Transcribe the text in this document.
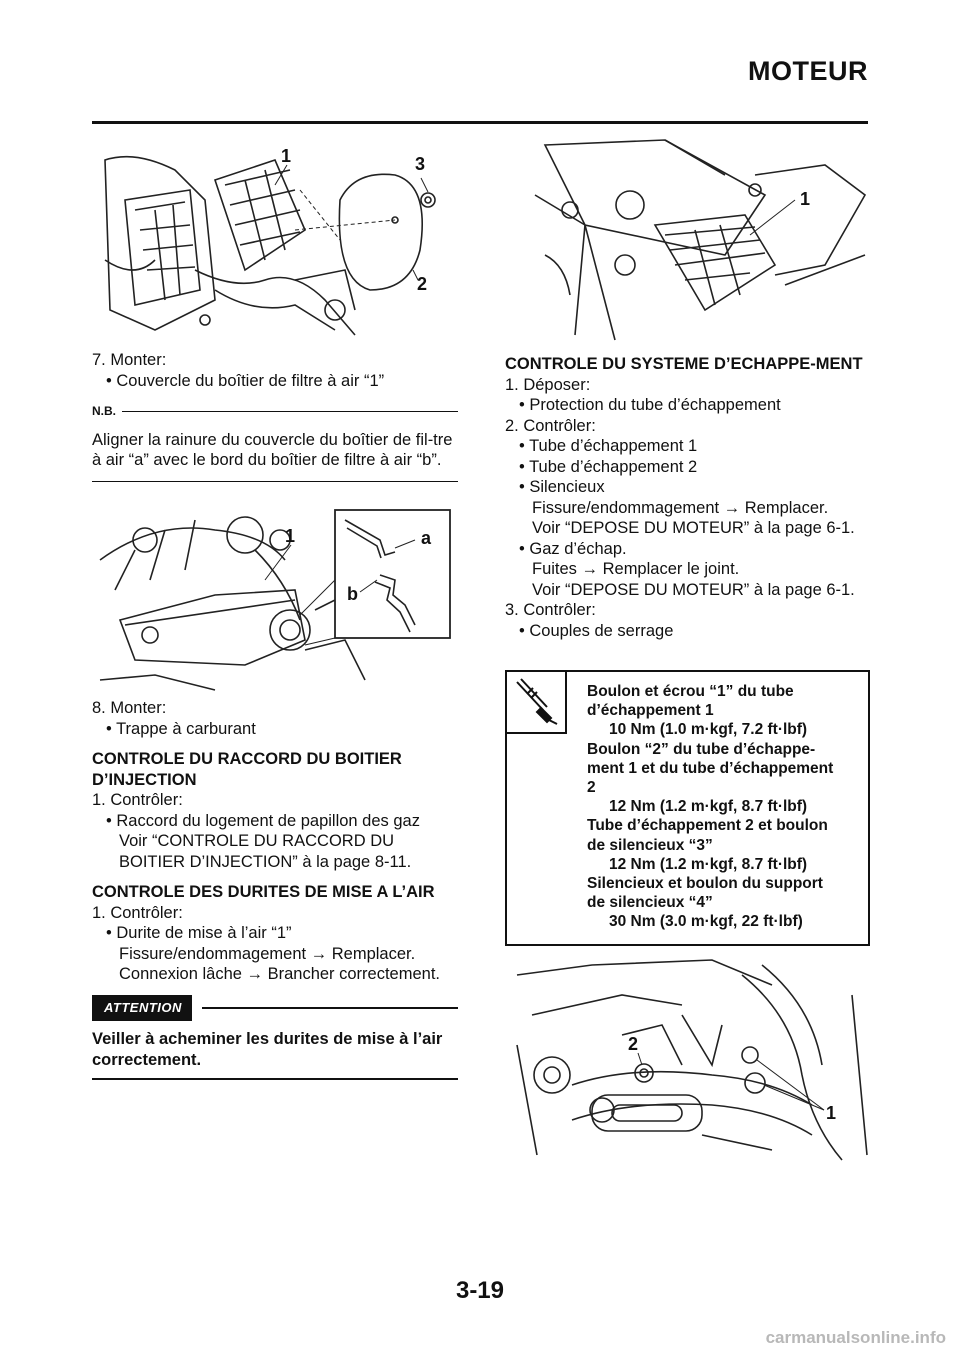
MOTEUR
1	3
2
7. Monter:
• Couvercle du boîtier de filtre à air “1”
N.B.
Aligner la rainure du couvercle du boîtier de fil-tre à air “a” avec le bord du boîtier de filtre à air “b”.
1	a
b
8. Monter:
• Trappe à carburant
CONTROLE DU RACCORD DU BOITIER D’INJECTION
1. Contrôler:
• Raccord du logement de papillon des gaz
Voir “CONTROLE DU RACCORD DU
BOITIER D’INJECTION” à la page 8-11.
CONTROLE DES DURITES DE MISE A L’AIR
1. Contrôler:
• Durite de mise à l’air “1”
Fissure/endommagement → Remplacer.
Connexion lâche → Brancher correctement.
ATTENTION
Veiller à acheminer les durites de mise à l’air correctement.
1
CONTROLE DU SYSTEME D’ECHAPPE-MENT
1. Déposer:
• Protection du tube d’échappement
2. Contrôler:
• Tube d’échappement 1
• Tube d’échappement 2
• Silencieux
Fissure/endommagement → Remplacer.
Voir “DEPOSE DU MOTEUR” à la page 6-1.
• Gaz d’échap.
Fuites → Remplacer le joint.
Voir “DEPOSE DU MOTEUR” à la page 6-1.
3. Contrôler:
• Couples de serrage
Boulon et écrou “1” du tube
d’échappement 1
10 Nm (1.0 m·kgf, 7.2 ft·lbf)
Boulon “2” du tube d’échappe-
ment 1 et du tube d’échappement
2
12 Nm (1.2 m·kgf, 8.7 ft·lbf)
Tube d’échappement 2 et boulon
de silencieux “3”
12 Nm (1.2 m·kgf, 8.7 ft·lbf)
Silencieux et boulon du support
de silencieux “4”
30 Nm (3.0 m·kgf, 22 ft·lbf)
2
1
3-19
carmanualsonline.info
